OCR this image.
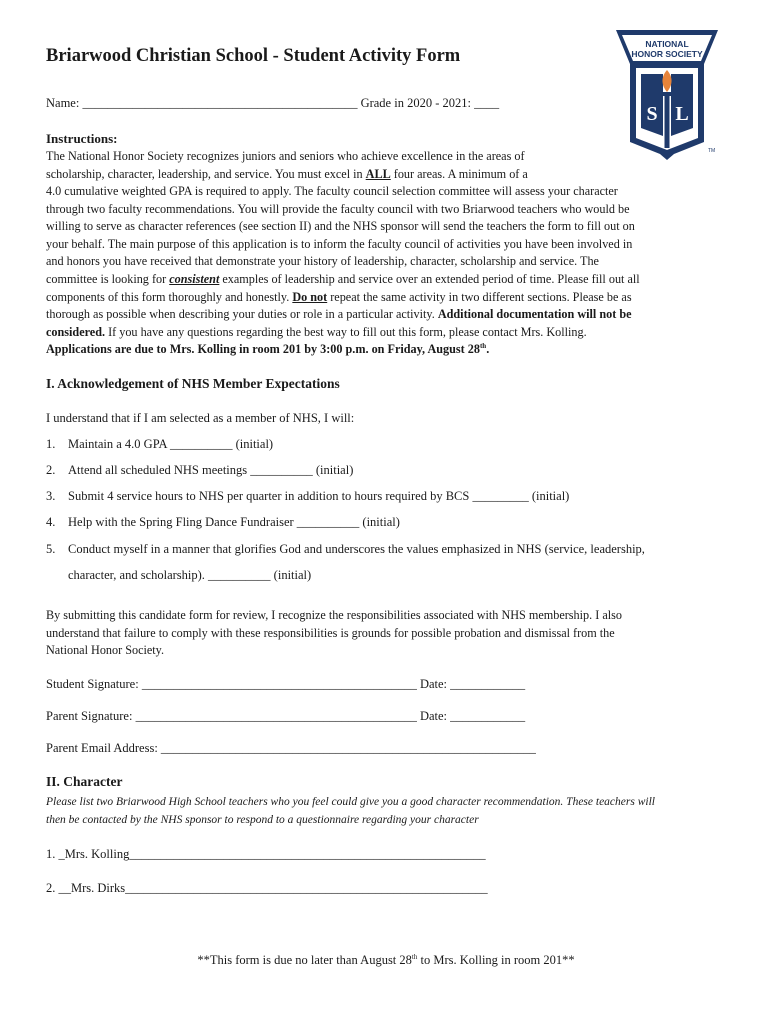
Briarwood Christian School - Student Activity Form
Name: ____________________________________________ Grade in 2020 - 2021: ____
Instructions:
The National Honor Society recognizes juniors and seniors who achieve excellence in the areas of
scholarship, character, leadership, and service. You must excel in ALL four areas. A minimum of a
4.0 cumulative weighted GPA is required to apply. The faculty council selection committee will assess your character
through two faculty recommendations. You will provide the faculty council with two Briarwood teachers who would be
willing to serve as character references (see section II) and the NHS sponsor will send the teachers the form to fill out on
your behalf. The main purpose of this application is to inform the faculty council of activities you have been involved in
and honors you have received that demonstrate your history of leadership, character, scholarship and service. The
committee is looking for consistent examples of leadership and service over an extended period of time. Please fill out all
components of this form thoroughly and honestly. Do not repeat the same activity in two different sections. Please be as
thorough as possible when describing your duties or role in a particular activity. Additional documentation will not be
considered. If you have any questions regarding the best way to fill out this form, please contact Mrs. Kolling.
Applications are due to Mrs. Kolling in room 201 by 3:00 p.m. on Friday, August 28th.
I. Acknowledgement of NHS Member Expectations
I understand that if I am selected as a member of NHS, I will:
1. Maintain a 4.0 GPA __________ (initial)
2. Attend all scheduled NHS meetings __________ (initial)
3. Submit 4 service hours to NHS per quarter in addition to hours required by BCS _________ (initial)
4. Help with the Spring Fling Dance Fundraiser __________ (initial)
5. Conduct myself in a manner that glorifies God and underscores the values emphasized in NHS (service, leadership,
character, and scholarship). __________ (initial)
By submitting this candidate form for review, I recognize the responsibilities associated with NHS membership. I also
understand that failure to comply with these responsibilities is grounds for possible probation and dismissal from the
National Honor Society.
Student Signature: ____________________________________________ Date: ____________
Parent Signature: _____________________________________________ Date: ____________
Parent Email Address: ____________________________________________________________
II. Character
Please list two Briarwood High School teachers who you feel could give you a good character recommendation. These teachers will
then be contacted by the NHS sponsor to respond to a questionnaire regarding your character
1. _Mrs. Kolling_________________________________________________________
2. __Mrs. Dirks__________________________________________________________
**This form is due no later than August 28th to Mrs. Kolling in room 201**
NATIONAL
HONOR SOCIETY
S L
TM
